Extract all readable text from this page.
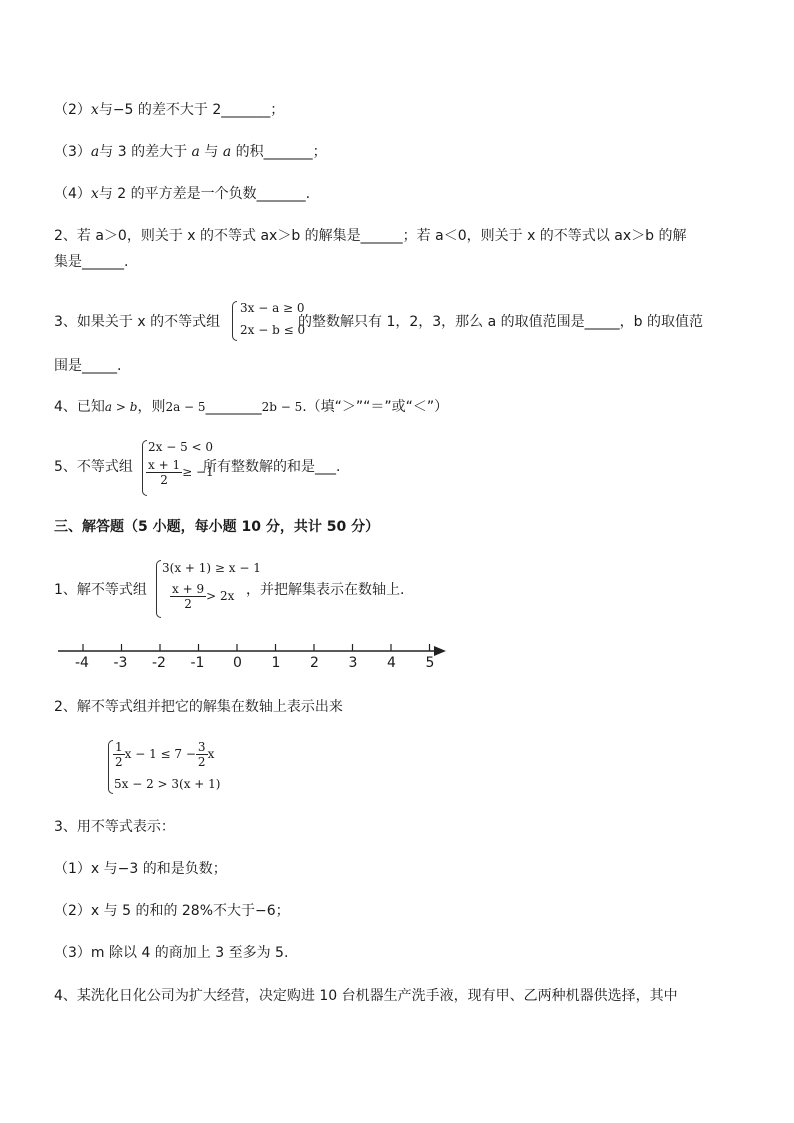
（2）x与−5 的差不大于 2_______；
（3）a与 3 的差大于 a 与 a 的积_______；
（4）x与 2 的平方差是一个负数_______.
2、若 a＞0，则关于 x 的不等式 ax＞b 的解集是______；若 a＜0，则关于 x 的不等式以 ax＞b 的解
集是______.
3、如果关于 x 的不等式组
3x − a ≥ 0
2x − b ≤ 0
的整数解只有 1，2，3，那么 a 的取值范围是_____，b 的取值范
围是_____.
4、已知a > b，则2a − 5________2b − 5.（填“＞”“＝”或“＜”）
5、不等式组
2x − 5 < 0
$\frac{x + 1}{2} \ge -1$
所有整数解的和是___.
三、解答题（5 小题，每小题 10 分，共计 50 分）
1、解不等式组
3(x + 1) ≥ x − 1
$\frac{x + 9}{2} > 2x$ ，并把解集表示在数轴上.
-4 -3 -2 -1 0 1 2 3 4 5
2、解不等式组并把它的解集在数轴上表示出来
$\frac{1}{2}$ $x - 1 \le 7 - \frac{3}{2}$ x
5x − 2 > 3(x + 1)
3、用不等式表示：
（1）x 与−3 的和是负数；
（2）x 与 5 的和的 28%不大于−6；
（3）m 除以 4 的商加上 3 至多为 5.
4、某洗化日化公司为扩大经营，决定购进 10 台机器生产洗手液，现有甲、乙两种机器供选择，其中
